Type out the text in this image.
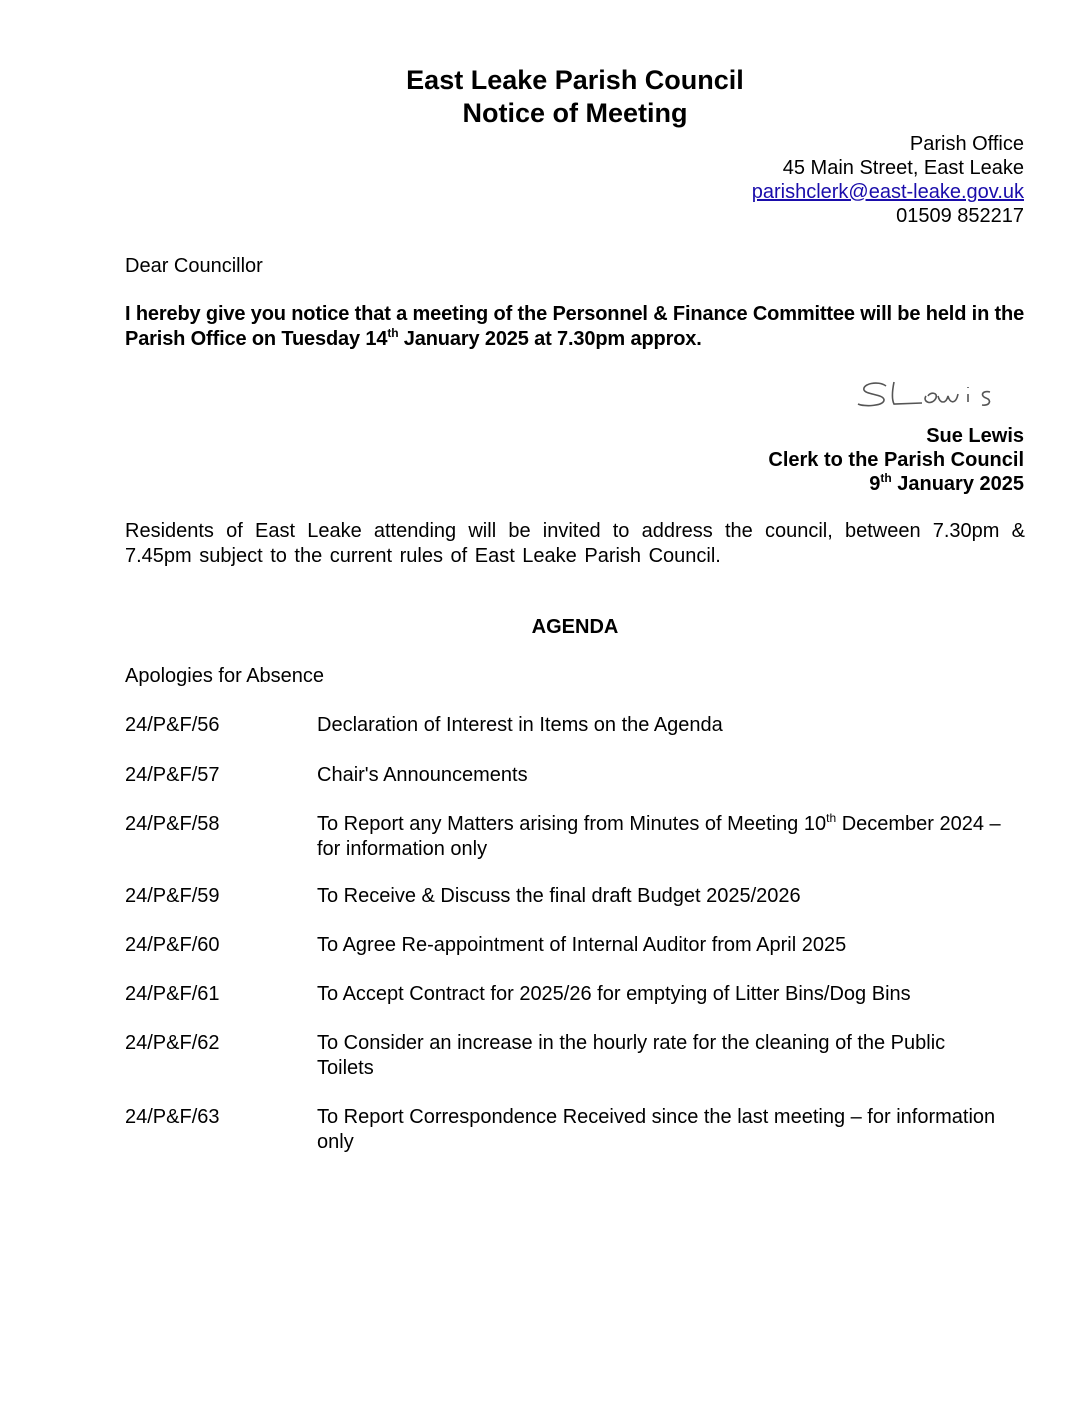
East Leake Parish Council
Notice of Meeting
Parish Office
45 Main Street, East Leake
parishclerk@east-leake.gov.uk
01509 852217
Dear Councillor
I hereby give you notice that a meeting of the Personnel & Finance Committee will be held in the Parish Office on Tuesday 14th January 2025 at 7.30pm approx.
Sue Lewis
Clerk to the Parish Council
9th January 2025
Residents of East Leake attending will be invited to address the council, between 7.30pm & 7.45pm subject to the current rules of East Leake Parish Council.
AGENDA
Apologies for Absence
24/P&F/56	Declaration of Interest in Items on the Agenda
24/P&F/57	Chair's Announcements
24/P&F/58	To Report any Matters arising from Minutes of Meeting 10th December 2024 – for information only
24/P&F/59	To Receive & Discuss the final draft Budget 2025/2026
24/P&F/60	To Agree Re-appointment of Internal Auditor from April 2025
24/P&F/61	To Accept Contract for 2025/26 for emptying of Litter Bins/Dog Bins
24/P&F/62	To Consider an increase in the hourly rate for the cleaning of the Public Toilets
24/P&F/63	To Report Correspondence Received since the last meeting – for information only
